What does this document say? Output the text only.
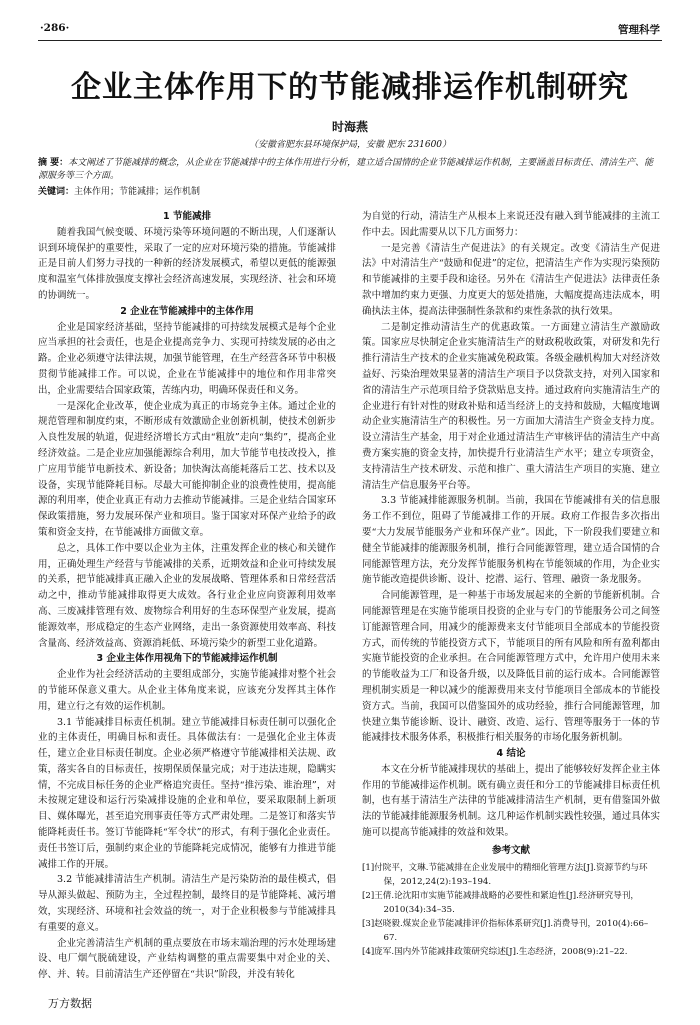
·286·	管理科学
企业主体作用下的节能减排运作机制研究
时海燕
（安徽省肥东县环境保护局，安徽 肥东 231600）
摘 要：本文阐述了节能减排的概念，从企业在节能减排中的主体作用进行分析，建立适合国情的企业节能减排运作机制，主要涵盖目标责任、清洁生产、能源服务等三个方面。
关键词：主体作用；节能减排；运作机制

1 节能减排

随着我国气候变暖、环境污染等环境问题的不断出现，人们逐渐认识到环境保护的重要性，采取了一定的应对环境污染的措施。节能减排正是目前人们努力寻找的一种新的经济发展模式，希望以更低的能源强度和温室气体排放强度支撑社会经济高速发展，实现经济、社会和环境的协调统一。

2 企业在节能减排中的主体作用

企业是国家经济基础，坚持节能减排的可持续发展模式是每个企业应当承担的社会责任，也是企业提高竞争力、实现可持续发展的必由之路。企业必须遵守法律法规，加强节能管理，在生产经营各环节中积极贯彻节能减排工作。可以说，企业在节能减排中的地位和作用非常突出，企业需要结合国家政策，苦练内功，明确环保责任和义务。

一是深化企业改革，使企业成为真正的市场竞争主体。通过企业的规范管理和制度约束，不断形成有效激励企业创新机制，使技术创新步入良性发展的轨道，促进经济增长方式由“粗放”走向“集约”，提高企业经济效益。二是企业应加强能源综合利用，加大节能节电技改投入，推广应用节能节电新技术、新设备；加快淘汰高能耗落后工艺、技术以及设备，实现节能降耗目标。尽最大可能抑制企业的浪费性使用，提高能源的利用率，使企业真正有动力去推动节能减排。三是企业结合国家环保政策措施，努力发展环保产业和项目。鉴于国家对环保产业给予的政策和资金支持，在节能减排方面做文章。

总之，具体工作中要以企业为主体，注重发挥企业的核心和关键作用，正确处理生产经营与节能减排的关系，近期效益和企业可持续发展的关系，把节能减排真正融入企业的发展战略、管理体系和日常经营活动之中，推动节能减排取得更大成效。各行业企业应向资源利用效率高、三废减排管理有效、废物综合利用好的生态环保型产业发展，提高能源效率，形成稳定的生态产业网络，走出一条资源使用效率高、科技含量高、经济效益高、资源消耗低、环境污染少的新型工业化道路。

3 企业主体作用视角下的节能减排运作机制

企业作为社会经济活动的主要组成部分，实施节能减排对整个社会的节能环保意义重大。从企业主体角度来说，应该充分发挥其主体作用，建立行之有效的运作机制。

3.1 节能减排目标责任机制。建立节能减排目标责任制可以强化企业的主体责任，明确目标和责任。具体做法有：一是强化企业主体责任，建立企业目标责任制度。企业必须严格遵守节能减排相关法规、政策，落实各自的目标责任，按期保质保量完成；对于违法违规，隐瞒实情，不完成目标任务的企业严格追究责任。坚持“推污染、谁治理”，对未按规定建设和运行污染减排设施的企业和单位，要采取限制上新项目、媒体曝光，甚至追究刑事责任等方式严肃处理。二是签订和落实节能降耗责任书。签订节能降耗“军令状”的形式，有利于强化企业责任。责任书签订后，强制约束企业的节能降耗完成情况，能够有力推进节能减排工作的开展。

3.2 节能减排清洁生产机制。清洁生产是污染防治的最佳模式，倡导从源头做起、预防为主，全过程控制，最终目的是节能降耗、减污增效，实现经济、环境和社会效益的统一，对于企业积极参与节能减排具有重要的意义。

企业完善清洁生产机制的重点要放在市场末端治理的污水处理场建设、电厂烟气脱硫建设，产业结构调整的重点需要集中对企业的关、停、并、转。目前清洁生产还停留在“共识”阶段，并没有转化

为自觉的行动，清洁生产从根本上来说还没有融入到节能减排的主流工作中去。因此需要从以下几方面努力：

一是完善《清洁生产促进法》的有关规定。改变《清洁生产促进法》中对清洁生产“鼓励和促进”的定位，把清洁生产作为实现污染预防和节能减排的主要手段和途径。另外在《清洁生产促进法》法律责任条款中增加约束力更强、力度更大的惩处措施，大幅度提高违法成本，明确执法主体，提高法律强制性条款和约束性条款的执行效果。

二是制定推动清洁生产的优惠政策。一方面建立清洁生产激励政策。国家应尽快制定企业实施清洁生产的财政税收政策，对研发和先行推行清洁生产技术的企业实施减免税政策。各级金融机构加大对经济效益好、污染治理效果显著的清洁生产项目予以贷款支持，对列入国家和省的清洁生产示范项目给予贷款贴息支持。通过政府向实施清洁生产的企业进行有针对性的财政补贴和适当经济上的支持和鼓励，大幅度地调动企业实施清洁生产的积极性。另一方面加大清洁生产资金支持力度。设立清洁生产基金，用于对企业通过清洁生产审核评估的清洁生产中高费方案实施的资金支持，加快提升行业清洁生产水平；建立专项资金，支持清洁生产技术研发、示范和推广、重大清洁生产项目的实施、建立清洁生产信息服务平台等。

3.3 节能减排能源服务机制。当前，我国在节能减排有关的信息服务工作不到位，阻碍了节能减排工作的开展。政府工作报告多次指出要“大力发展节能服务产业和环保产业”。因此，下一阶段我们要建立和健全节能减排的能源服务机制，推行合同能源管理，建立适合国情的合同能源管理方法，充分发挥节能服务机构在节能领域的作用，为企业实施节能改造提供诊断、设计、挖潜、运行、管理、融资一条龙服务。

合同能源管理，是一种基于市场发展起来的全新的节能新机制。合同能源管理是在实施节能项目投资的企业与专门的节能服务公司之间签订能源管理合同，用减少的能源费来支付节能项目全部成本的节能投资方式，而传统的节能投资方式下，节能项目的所有风险和所有盈利都由实施节能投资的企业承担。在合同能源管理方式中，允许用户使用未来的节能收益为工厂和设备升级，以及降低目前的运行成本。合同能源管理机制实质是一种以减少的能源费用来支付节能项目全部成本的节能投资方式。当前，我国可以借鉴国外的成功经验，推行合同能源管理，加快建立集节能诊断、设计、融资、改造、运行、管理等服务于一体的节能减排技术服务体系，积极推行相关服务的市场化服务新机制。

4 结论

本文在分析节能减排现状的基础上，提出了能够较好发挥企业主体作用的节能减排运作机制。既有确立责任和分工的节能减排目标责任机制，也有基于清洁生产法律的节能减排清洁生产机制，更有借鉴国外做法的节能减排能源服务机制。这几种运作机制实践性较强，通过具体实施可以提高节能减排的效益和效果。

参考文献
[1]付院平，文琳.节能减排在企业发展中的精细化管理方法[J].资源节约与环保，2012,24(2):193–194.
[2]王倩.论沈阳市实施节能减排战略的必要性和紧迫性[J].经济研究导刊，2010(34):34–35.
[3]赵晓毅.煤炭企业节能减排评价指标体系研究[J].消费导刊，2010(4):66–67.
[4]庞军.国内外节能减排政策研究综述[J].生态经济，2008(9):21–22.
万方数据
